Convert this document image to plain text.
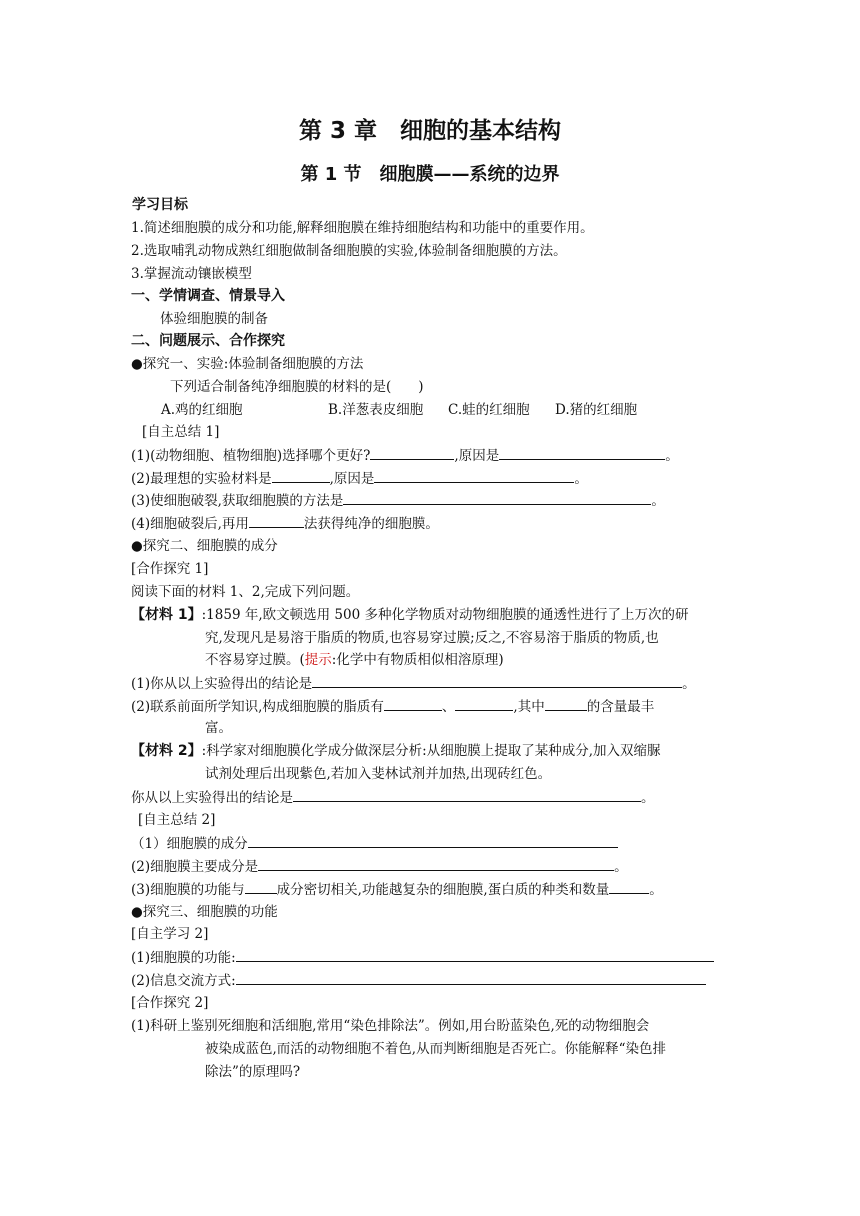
第 3 章　细胞的基本结构
第 1 节　细胞膜——系统的边界
学习目标
1.简述细胞膜的成分和功能,解释细胞膜在维持细胞结构和功能中的重要作用。
2.选取哺乳动物成熟红细胞做制备细胞膜的实验,体验制备细胞膜的方法。
3.掌握流动镶嵌模型
一、学情调查、情景导入
体验细胞膜的制备
二、问题展示、合作探究
●探究一、实验:体验制备细胞膜的方法
下列适合制备纯净细胞膜的材料的是(　　)
A.鸡的红细胞	B.洋葱表皮细胞 C.蛙的红细胞 D.猪的红细胞
[自主总结 1]
(1)(动物细胞、植物细胞)选择哪个更好?	,原因是	。
(2)最理想的实验材料是	,原因是	。
(3)使细胞破裂,获取细胞膜的方法是	。
(4)细胞破裂后,再用	法获得纯净的细胞膜。
●探究二、细胞膜的成分
[合作探究 1]
阅读下面的材料 1、2,完成下列问题。
【材料 1】:1859 年,欧文顿选用 500 多种化学物质对动物细胞膜的通透性进行了上万次的研
究,发现凡是易溶于脂质的物质,也容易穿过膜;反之,不容易溶于脂质的物质,也
不容易穿过膜。(提示:化学中有物质相似相溶原理)
(1)你从以上实验得出的结论是	。
(2)联系前面所学知识,构成细胞膜的脂质有	、	,其中	的含量最丰
富。
【材料 2】:科学家对细胞膜化学成分做深层分析:从细胞膜上提取了某种成分,加入双缩脲
试剂处理后出现紫色,若加入斐林试剂并加热,出现砖红色。
你从以上实验得出的结论是	。
[自主总结 2]
（1）细胞膜的成分
(2)细胞膜主要成分是	。
(3)细胞膜的功能与 成分密切相关,功能越复杂的细胞膜,蛋白质的种类和数量	。
●探究三、细胞膜的功能
[自主学习 2]
(1)细胞膜的功能:
(2)信息交流方式:
[合作探究 2]
(1)科研上鉴别死细胞和活细胞,常用“染色排除法”。例如,用台盼蓝染色,死的动物细胞会
被染成蓝色,而活的动物细胞不着色,从而判断细胞是否死亡。你能解释“染色排
除法”的原理吗?
